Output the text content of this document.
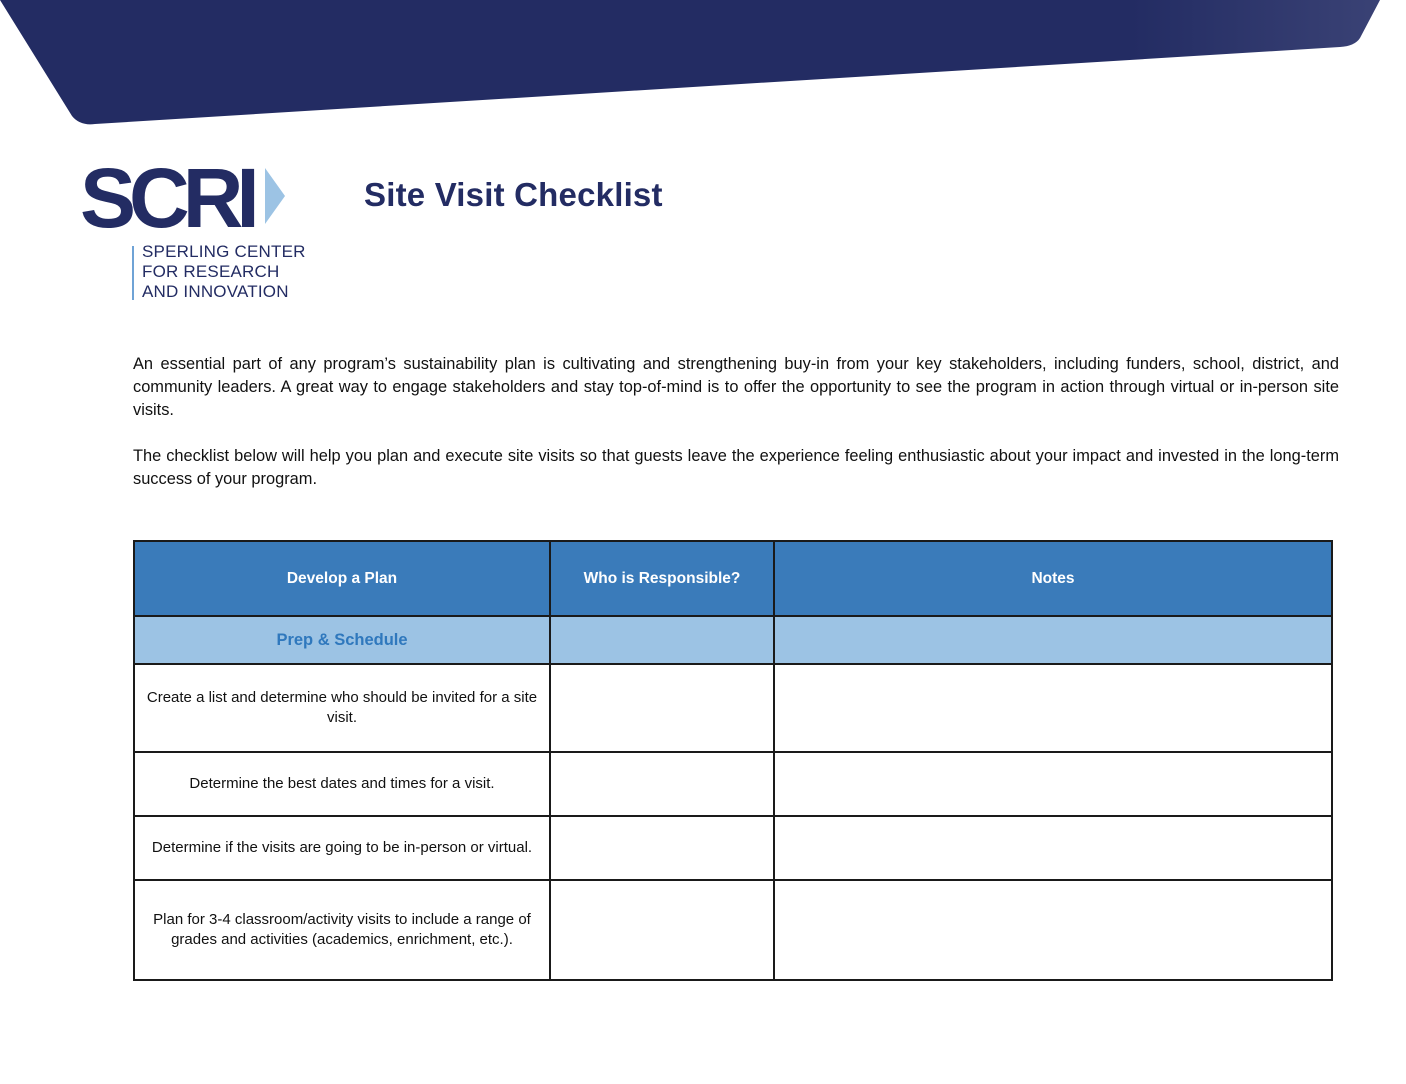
SCRI
SPERLING CENTER
FOR RESEARCH
AND INNOVATION
Site Visit Checklist

An essential part of any program’s sustainability plan is cultivating and strengthening buy-in from your key stakeholders, including funders, school, district, and community leaders. A great way to engage stakeholders and stay top-of-mind is to offer the opportunity to see the program in action through virtual or in-person site visits.

The checklist below will help you plan and execute site visits so that guests leave the experience feeling enthusiastic about your impact and invested in the long-term success of your program.

Develop a Plan	Who is Responsible?	Notes
Prep & Schedule		
Create a list and determine who should be invited for a site visit.		
Determine the best dates and times for a visit.		
Determine if the visits are going to be in-person or virtual.		
Plan for 3-4 classroom/activity visits to include a range of grades and activities (academics, enrichment, etc.).		
